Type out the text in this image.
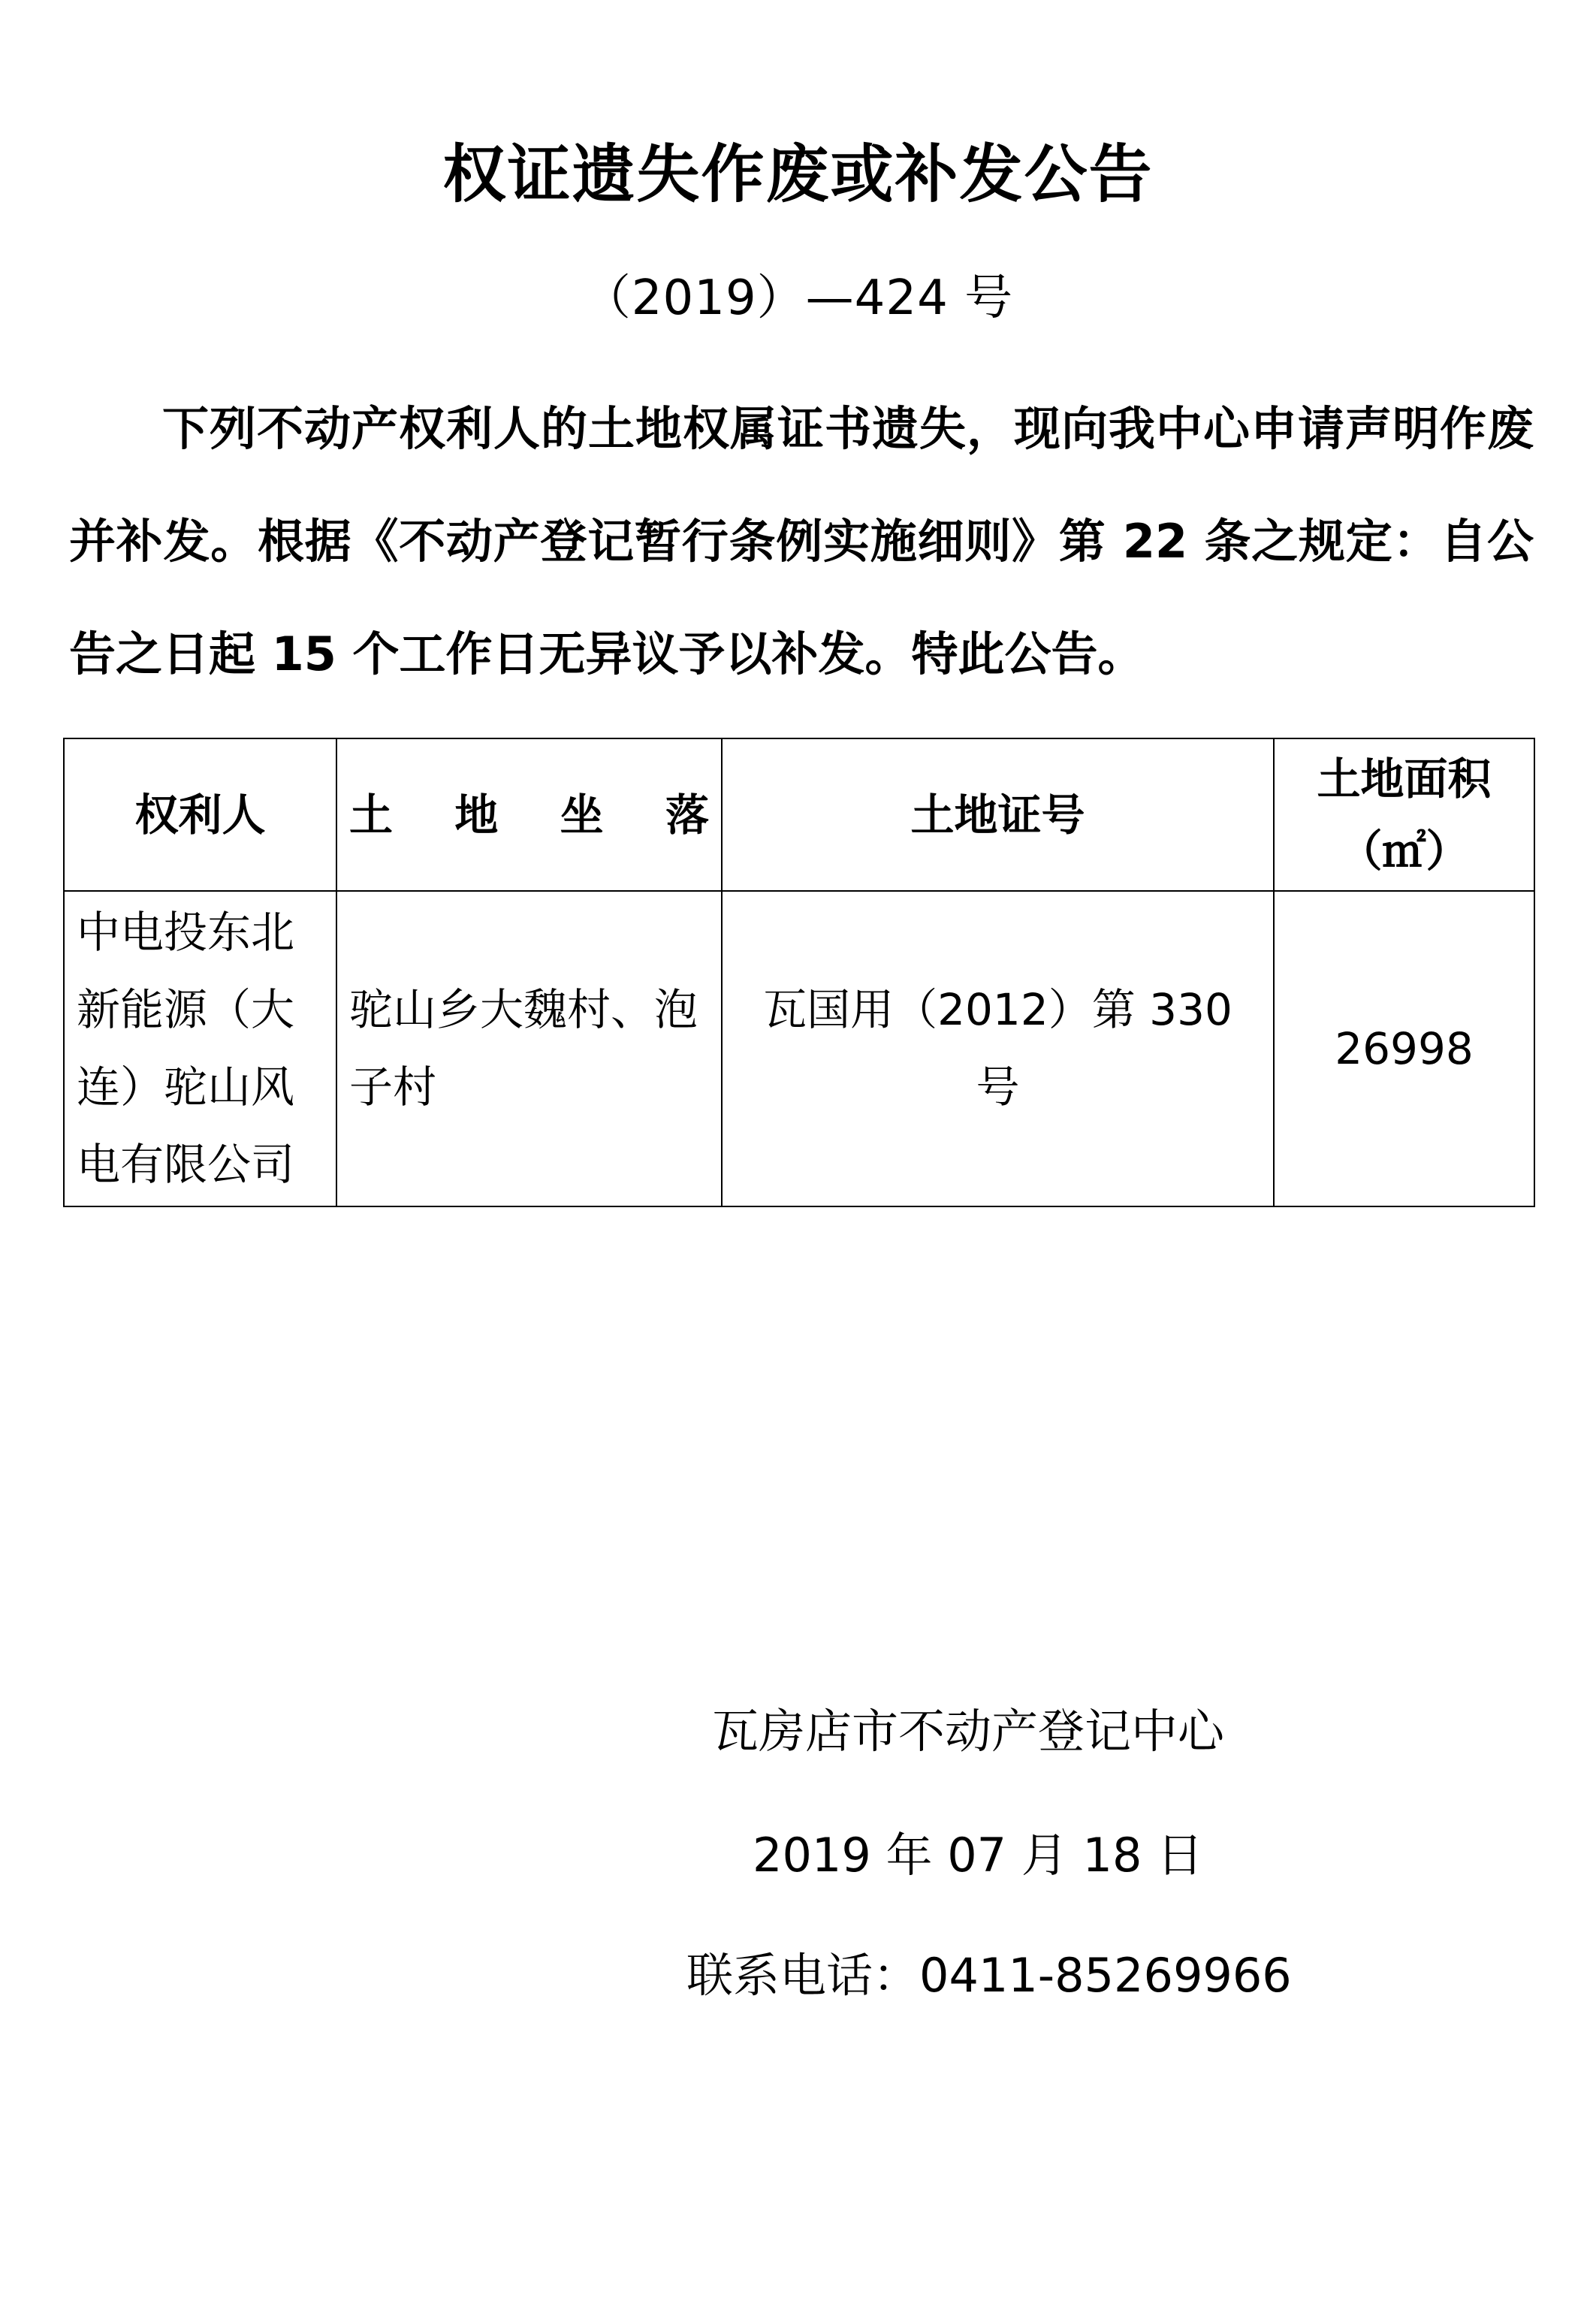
权证遗失作废或补发公告
（2019）—424 号

下列不动产权利人的土地权属证书遗失，现向我中心申请声明作废并补发。根据《不动产登记暂行条例实施细则》第 22 条之规定：自公告之日起 15 个工作日无异议予以补发。特此公告。

权利人	土 地 坐 落	土地证号	土地面积（㎡）
中电投东北新能源（大连）驼山风电有限公司	驼山乡大魏村、泡子村	瓦国用（2012）第 330 号	26998
瓦房店市不动产登记中心
2019 年 07 月 18 日
联系电话：0411-85269966
